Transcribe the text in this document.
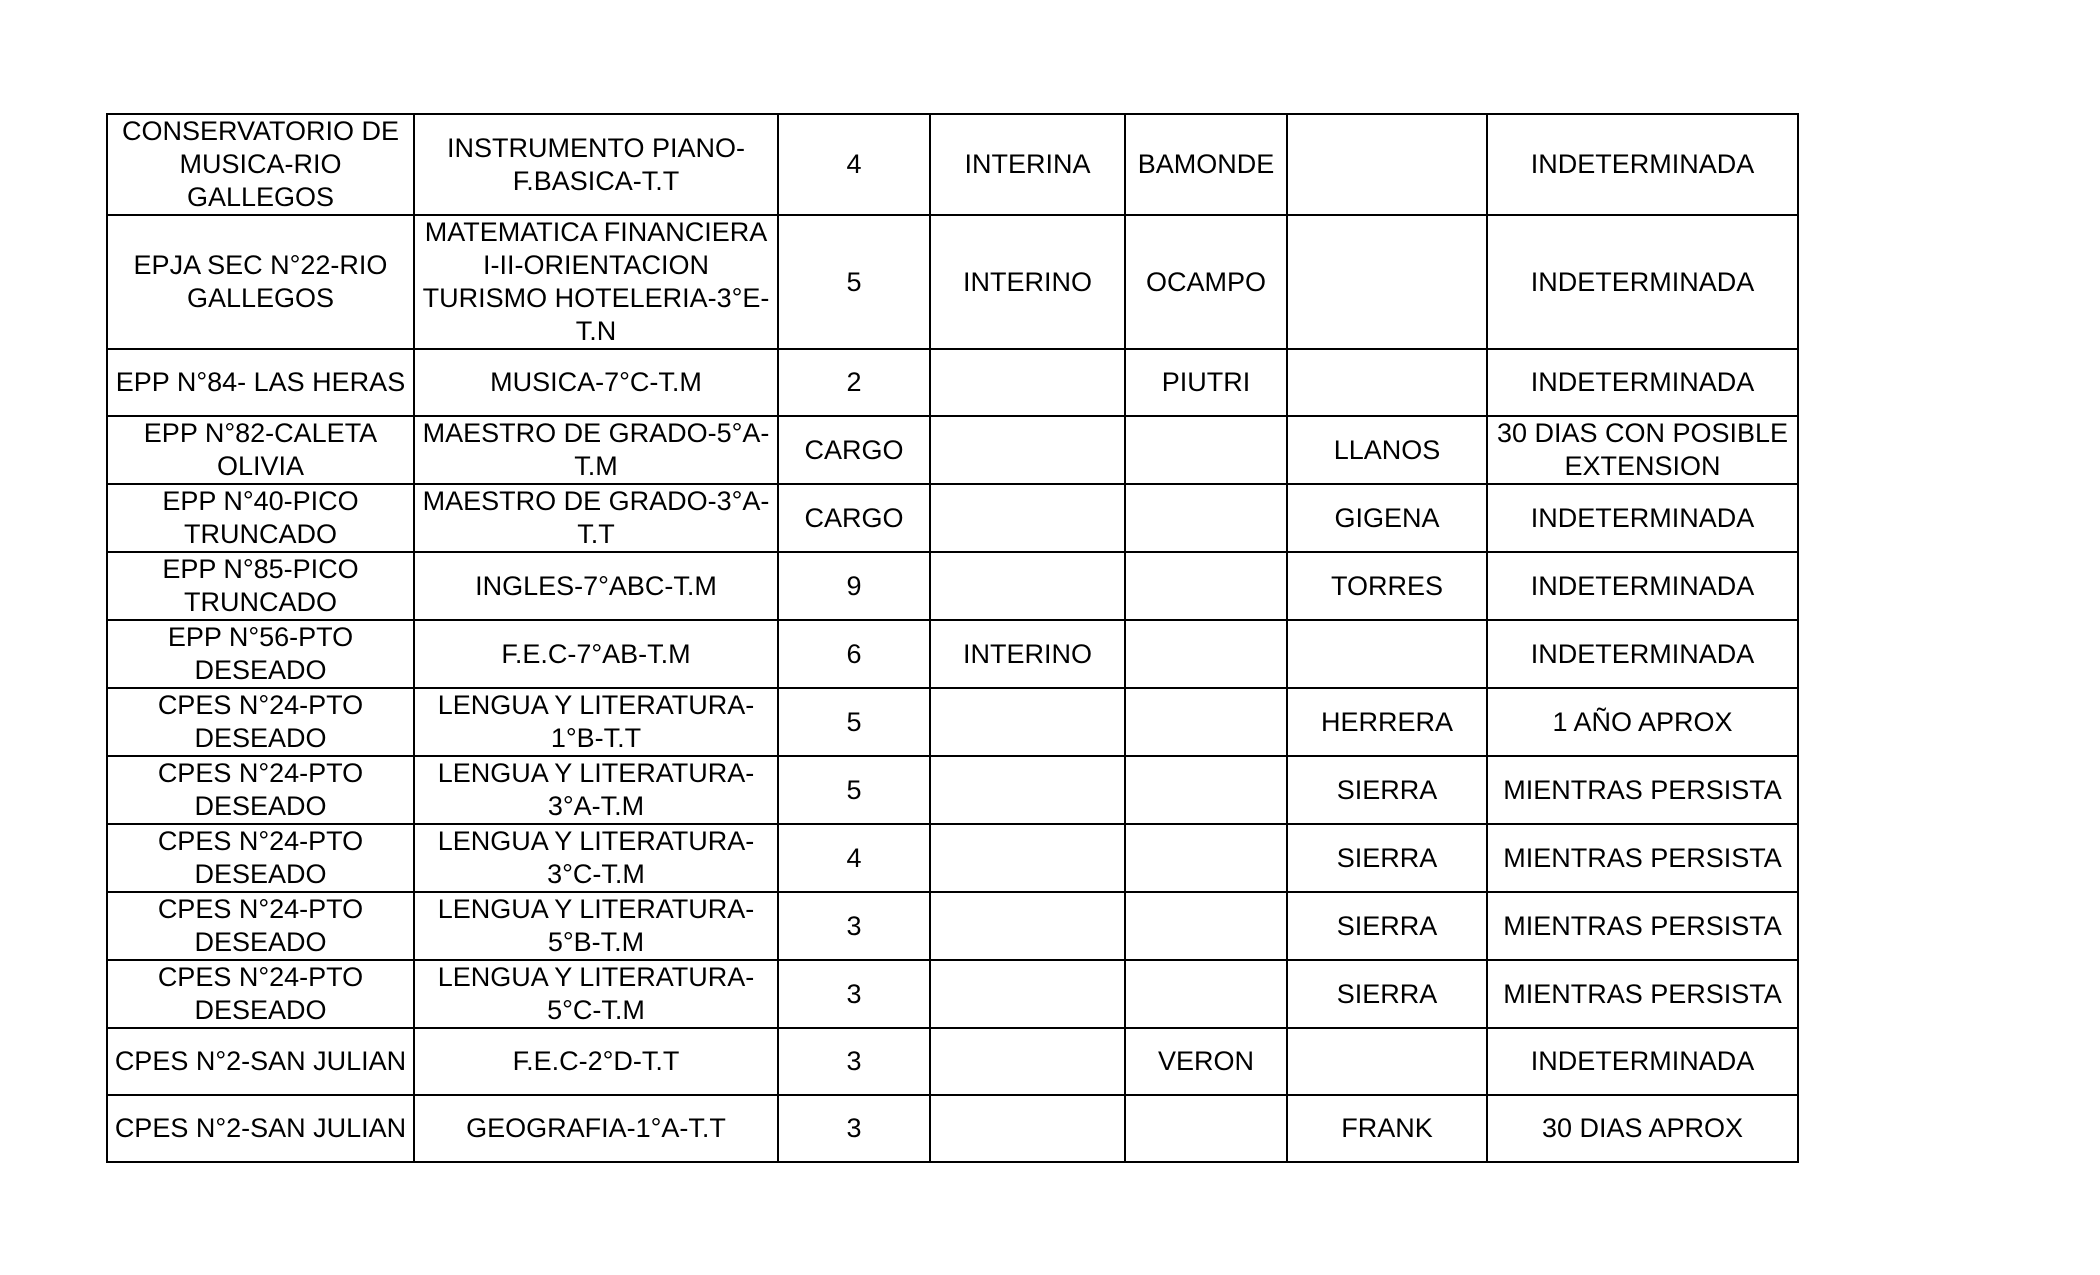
CONSERVATORIO DE
MUSICA-RIO
GALLEGOS	INSTRUMENTO PIANO-
F.BASICA-T.T	4	INTERINA	BAMONDE		INDETERMINADA

EPJA SEC N°22-RIO
GALLEGOS	MATEMATICA FINANCIERA
I-II-ORIENTACION
TURISMO HOTELERIA-3°E-
T.N	5	INTERINO	OCAMPO		INDETERMINADA

EPP N°84- LAS HERAS	MUSICA-7°C-T.M	2		PIUTRI		INDETERMINADA

EPP N°82-CALETA
OLIVIA	MAESTRO DE GRADO-5°A-
T.M	CARGO			LLANOS	30 DIAS CON POSIBLE
EXTENSION

EPP N°40-PICO
TRUNCADO	MAESTRO DE GRADO-3°A-
T.T	CARGO			GIGENA	INDETERMINADA

EPP N°85-PICO
TRUNCADO	INGLES-7°ABC-T.M	9			TORRES	INDETERMINADA

EPP N°56-PTO
DESEADO	F.E.C-7°AB-T.M	6	INTERINO			INDETERMINADA

CPES N°24-PTO
DESEADO	LENGUA Y LITERATURA-
1°B-T.T	5			HERRERA	1 AÑO APROX

CPES N°24-PTO
DESEADO	LENGUA Y LITERATURA-
3°A-T.M	5			SIERRA	MIENTRAS PERSISTA

CPES N°24-PTO
DESEADO	LENGUA Y LITERATURA-
3°C-T.M	4			SIERRA	MIENTRAS PERSISTA

CPES N°24-PTO
DESEADO	LENGUA Y LITERATURA-
5°B-T.M	3			SIERRA	MIENTRAS PERSISTA

CPES N°24-PTO
DESEADO	LENGUA Y LITERATURA-
5°C-T.M	3			SIERRA	MIENTRAS PERSISTA

CPES N°2-SAN JULIAN	F.E.C-2°D-T.T	3		VERON		INDETERMINADA

CPES N°2-SAN JULIAN	GEOGRAFIA-1°A-T.T	3			FRANK	30 DIAS APROX
